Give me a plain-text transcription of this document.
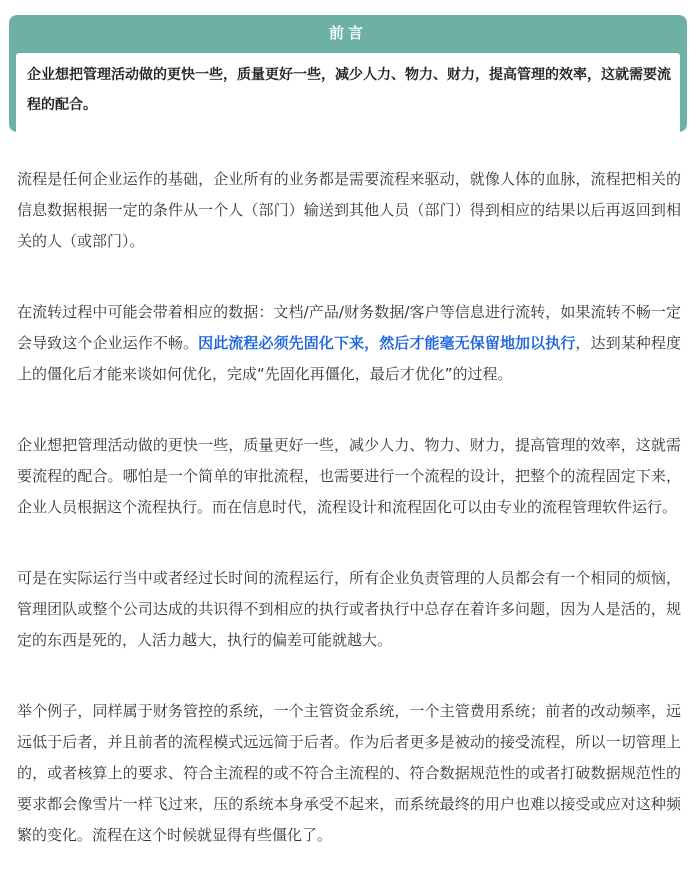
前言

企业想把管理活动做的更快一些，质量更好一些，减少人力、物力、财力，提高管理的效率，这就需要流程的配合。

流程是任何企业运作的基础，企业所有的业务都是需要流程来驱动，就像人体的血脉，流程把相关的信息数据根据一定的条件从一个人（部门）输送到其他人员（部门）得到相应的结果以后再返回到相关的人（或部门）。

在流转过程中可能会带着相应的数据：文档/产品/财务数据/客户等信息进行流转，如果流转不畅一定会导致这个企业运作不畅。因此流程必须先固化下来，然后才能毫无保留地加以执行，达到某种程度上的僵化后才能来谈如何优化，完成“先固化再僵化，最后才优化”的过程。

企业想把管理活动做的更快一些，质量更好一些，减少人力、物力、财力，提高管理的效率，这就需要流程的配合。哪怕是一个简单的审批流程，也需要进行一个流程的设计，把整个的流程固定下来，企业人员根据这个流程执行。而在信息时代，流程设计和流程固化可以由专业的流程管理软件运行。

可是在实际运行当中或者经过长时间的流程运行，所有企业负责管理的人员都会有一个相同的烦恼，管理团队或整个公司达成的共识得不到相应的执行或者执行中总存在着许多问题，因为人是活的，规定的东西是死的，人活力越大，执行的偏差可能就越大。

举个例子，同样属于财务管控的系统，一个主管资金系统，一个主管费用系统；前者的改动频率，远远低于后者，并且前者的流程模式远远简于后者。作为后者更多是被动的接受流程，所以一切管理上的，或者核算上的要求、符合主流程的或不符合主流程的、符合数据规范性的或者打破数据规范性的要求都会像雪片一样飞过来，压的系统本身承受不起来，而系统最终的用户也难以接受或应对这种频繁的变化。流程在这个时候就显得有些僵化了。
